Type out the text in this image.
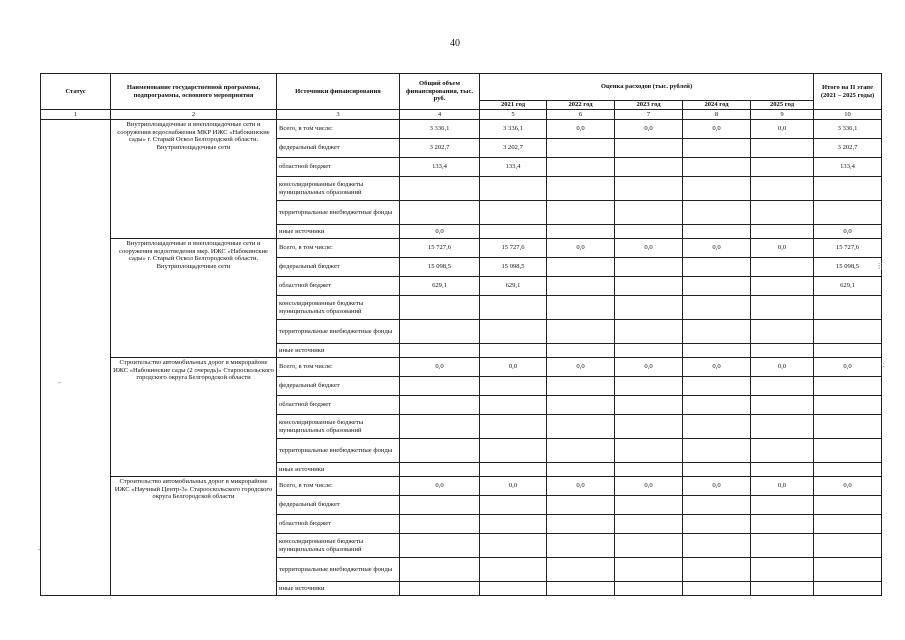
40
Статус	Наименование государственной программы, подпрограммы, основного мероприятия	Источники финансирования	Общий объем финансирования, тыс. руб.	Оценка расходов (тыс. рублей)					Итого на II этапе (2021 – 2025 годы)
				2021 год	2022 год	2023 год	2024 год	2025 год	
1	2	3	4	5	6	7	8	9	10
	Внутриплощадочные и внеплощадочные сети и сооружения водоснабжения МКР ИЖС «Набокинские сады» г. Старый Оскол Белгородской области. Внутриплощадочные сети	Всего, в том числе:	3 336,1	3 336,1	0,0	0,0	0,0	0,0	3 336,1
		федеральный бюджет	3 202,7	3 202,7					3 202,7
		областной бюджет	133,4	133,4					133,4
		консолидированные бюджеты муниципальных образований							
		территориальные внебюджетные фонды							
		иные источники	0,0						0,0
	Внутриплощадочные и внеплощадочные сети и сооружения водоотведения мкр. ИЖС «Набокинские сады» г. Старый Оскол Белгородской области. Внутриплощадочные сети	Всего, в том числе:	15 727,6	15 727,6	0,0	0,0	0,0	0,0	15 727,6
		федеральный бюджет	15 098,5	15 098,5					15 098,5
		областной бюджет	629,1	629,1					629,1
		консолидированные бюджеты муниципальных образований							
		территориальные внебюджетные фонды							
		иные источники							
	Строительство автомобильных дорог в микрорайоне ИЖС «Набокинские сады (2 очередь)» Старооскольского городского округа Белгородской области	Всего, в том числе:	0,0	0,0	0,0	0,0	0,0	0,0	0,0
		федеральный бюджет							
		областной бюджет							
		консолидированные бюджеты муниципальных образований							
		территориальные внебюджетные фонды							
		иные источники							
	Строительство автомобильных дорог в микрорайоне ИЖС «Научный Центр-3» Старооскольского городского округа Белгородской области	Всего, в том числе:	0,0	0,0	0,0	0,0	0,0	0,0	0,0
		федеральный бюджет							
		областной бюджет							
		консолидированные бюджеты муниципальных образований							
		территориальные внебюджетные фонды							
		иные источники							
⁞⁞
·:
-
-
